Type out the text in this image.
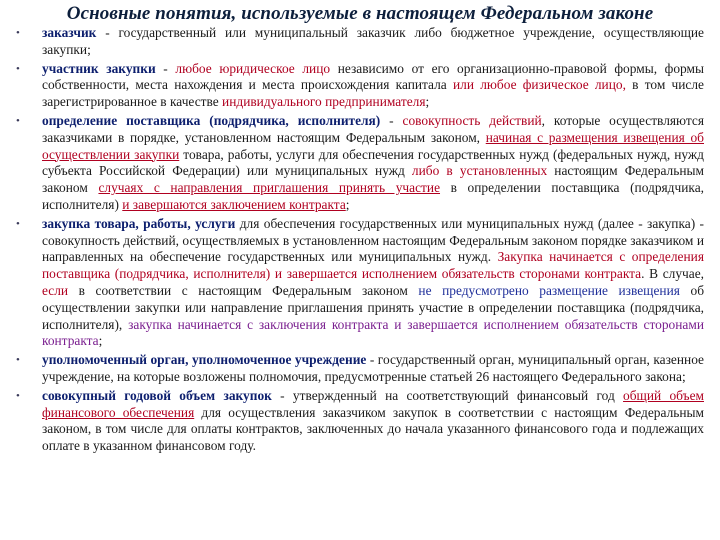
Основные понятия, используемые в настоящем Федеральном законе
• заказчик - государственный или муниципальный заказчик либо бюджетное учреждение, осуществляющие закупки;
• участник закупки - любое юридическое лицо независимо от его организационно-правовой формы, формы собственности, места нахождения и места происхождения капитала или любое физическое лицо, в том числе зарегистрированное в качестве индивидуального предпринимателя;
• определение поставщика (подрядчика, исполнителя) - совокупность действий, которые осуществляются заказчиками в порядке, установленном настоящим Федеральным законом, начиная с размещения извещения об осуществлении закупки товара, работы, услуги для обеспечения государственных нужд (федеральных нужд, нужд субъекта Российской Федерации) или муниципальных нужд либо в установленных настоящим Федеральным законом случаях с направления приглашения принять участие в определении поставщика (подрядчика, исполнителя) и завершаются заключением контракта;
• закупка товара, работы, услуги для обеспечения государственных или муниципальных нужд (далее - закупка) - совокупность действий, осуществляемых в установленном настоящим Федеральным законом порядке заказчиком и направленных на обеспечение государственных или муниципальных нужд. Закупка начинается с определения поставщика (подрядчика, исполнителя) и завершается исполнением обязательств сторонами контракта. В случае, если в соответствии с настоящим Федеральным законом не предусмотрено размещение извещения об осуществлении закупки или направление приглашения принять участие в определении поставщика (подрядчика, исполнителя), закупка начинается с заключения контракта и завершается исполнением обязательств сторонами контракта;
• уполномоченный орган, уполномоченное учреждение - государственный орган, муниципальный орган, казенное учреждение, на которые возложены полномочия, предусмотренные статьей 26 настоящего Федерального закона;
• совокупный годовой объем закупок - утвержденный на соответствующий финансовый год общий объем финансового обеспечения для осуществления заказчиком закупок в соответствии с настоящим Федеральным законом, в том числе для оплаты контрактов, заключенных до начала указанного финансового года и подлежащих оплате в указанном финансовом году.
